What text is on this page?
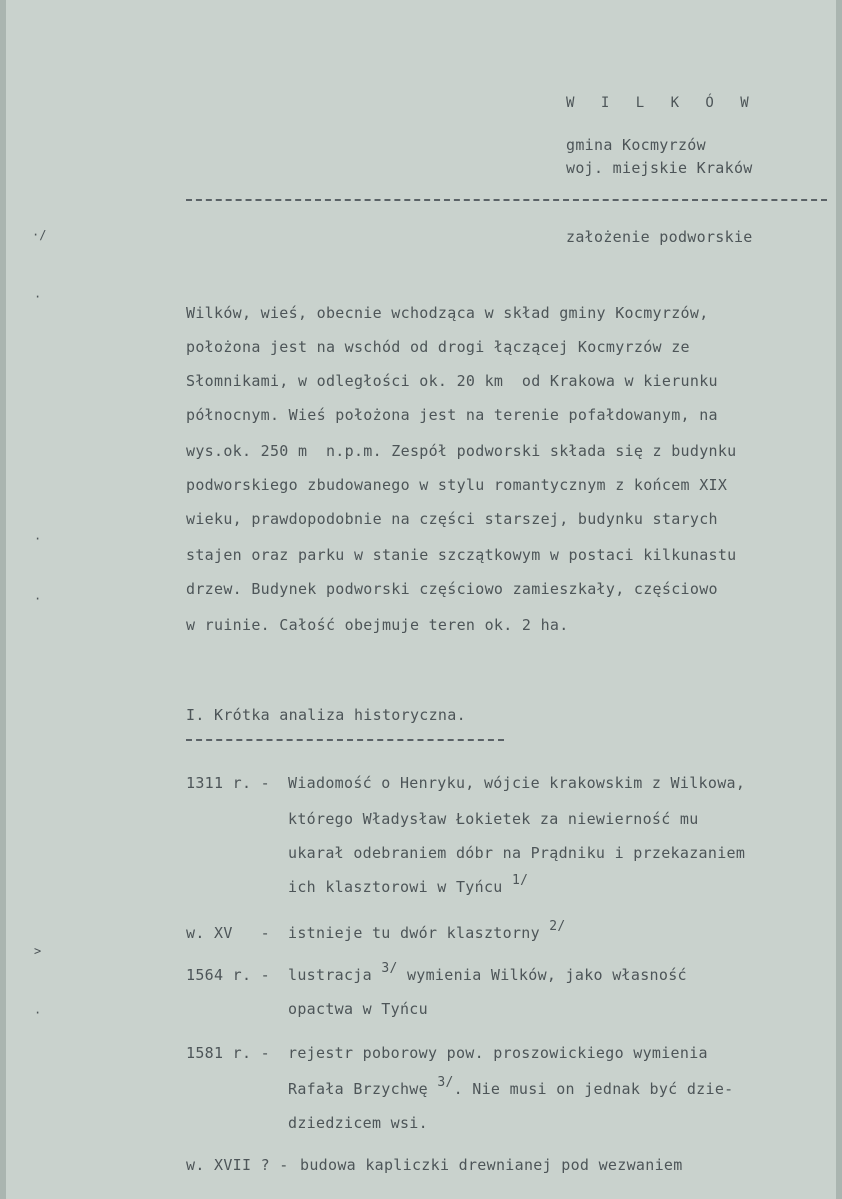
·/
·
·
·
>
·
W I L K Ó W
gmina Kocmyrzów
woj. miejskie Kraków
założenie podworskie
Wilków, wieś, obecnie wchodząca w skład gminy Kocmyrzów,
położona jest na wschód od drogi łączącej Kocmyrzów ze
Słomnikami, w odległości ok. 20 km  od Krakowa w kierunku
północnym. Wieś położona jest na terenie pofałdowanym, na
wys.ok. 250 m  n.p.m. Zespół podworski składa się z budynku
podworskiego zbudowanego w stylu romantycznym z końcem XIX
wieku, prawdopodobnie na części starszej, budynku starych
stajen oraz parku w stanie szczątkowym w postaci kilkunastu
drzew. Budynek podworski częściowo zamieszkały, częściowo
w ruinie. Całość obejmuje teren ok. 2 ha.
I. Krótka analiza historyczna.
1311 r. - Wiadomość o Henryku, wójcie krakowskim z Wilkowa,
którego Władysław Łokietek za niewierność mu
ukarał odebraniem dóbr na Prądniku i przekazaniem
ich klasztorowi w Tyńcu 1/
w. XV   - istnieje tu dwór klasztorny 2/
1564 r. - lustracja 3/ wymienia Wilków, jako własność
opactwa w Tyńcu
1581 r. - rejestr poborowy pow. proszowickiego wymienia
Rafała Brzychwę 3/. Nie musi on jednak być dzie-
dziedzicem wsi.
w. XVII ? - budowa kapliczki drewnianej pod wezwaniem
